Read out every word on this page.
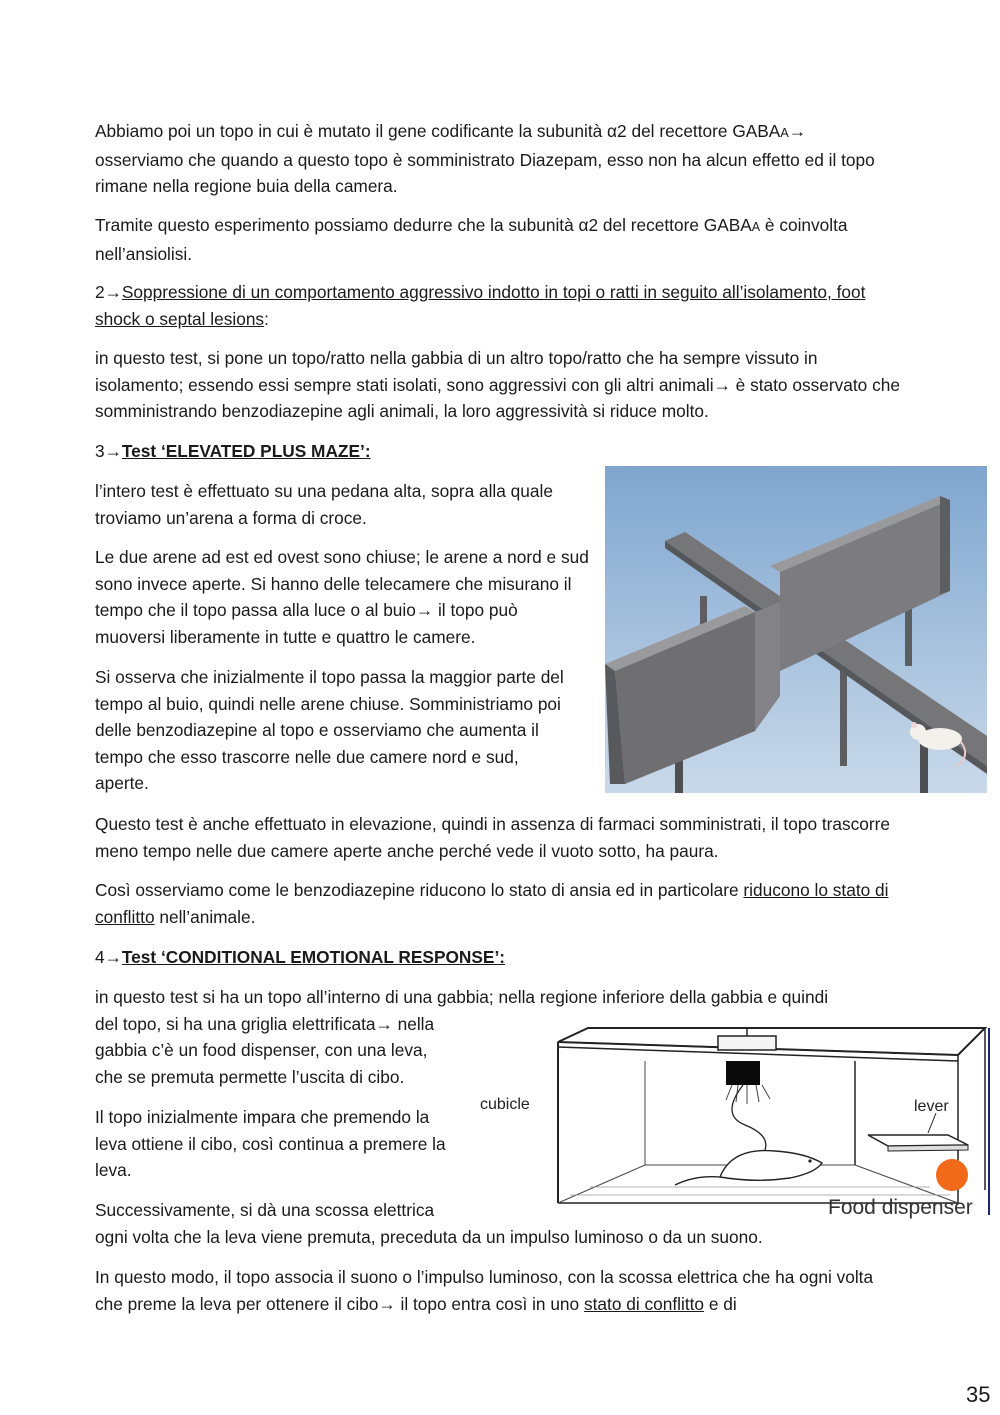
Abbiamo poi un topo in cui è mutato il gene codificante la subunità α2 del recettore GABAA→
osserviamo che quando a questo topo è somministrato Diazepam, esso non ha alcun effetto ed il topo rimane nella regione buia della camera.

Tramite questo esperimento possiamo dedurre che la subunità α2 del recettore GABAA è coinvolta nell’ansiolisi.

2→Soppressione di un comportamento aggressivo indotto in topi o ratti in seguito all’isolamento, foot shock o septal lesions:

in questo test, si pone un topo/ratto nella gabbia di un altro topo/ratto che ha sempre vissuto in isolamento; essendo essi sempre stati isolati, sono aggressivi con gli altri animali→ è stato osservato che somministrando benzodiazepine agli animali, la loro aggressività si riduce molto.

3→Test ‘ELEVATED PLUS MAZE’:

l’intero test è effettuato su una pedana alta, sopra alla quale troviamo un’arena a forma di croce.

Le due arene ad est ed ovest sono chiuse; le arene a nord e sud sono invece aperte. Si hanno delle telecamere che misurano il tempo che il topo passa alla luce o al buio→ il topo può muoversi liberamente in tutte e quattro le camere.

Si osserva che inizialmente il topo passa la maggior parte del tempo al buio, quindi nelle arene chiuse. Somministriamo poi delle benzodiazepine al topo e osserviamo che aumenta il tempo che esso trascorre nelle due camere nord e sud, aperte.

Questo test è anche effettuato in elevazione, quindi in assenza di farmaci somministrati, il topo trascorre meno tempo nelle due camere aperte anche perché vede il vuoto sotto, ha paura.

Così osserviamo come le benzodiazepine riducono lo stato di ansia ed in particolare riducono lo stato di conflitto nell’animale.

4→Test ‘CONDITIONAL EMOTIONAL RESPONSE’:

in questo test si ha un topo all’interno di una gabbia; nella regione inferiore della gabbia e quindi
del topo, si ha una griglia elettrificata→ nella
gabbia c’è un food dispenser, con una leva,
che se premuta permette l’uscita di cibo.

Il topo inizialmente impara che premendo la leva ottiene il cibo, così continua a premere la leva.

Successivamente, si dà una scossa elettrica
ogni volta che la leva viene premuta, preceduta da un impulso luminoso o da un suono.

In questo modo, il topo associa il suono o l’impulso luminoso, con la scossa elettrica che ha ogni volta che preme la leva per ottenere il cibo→ il topo entra così in uno stato di conflitto e di

cubicle	lever
Food dispenser
35
